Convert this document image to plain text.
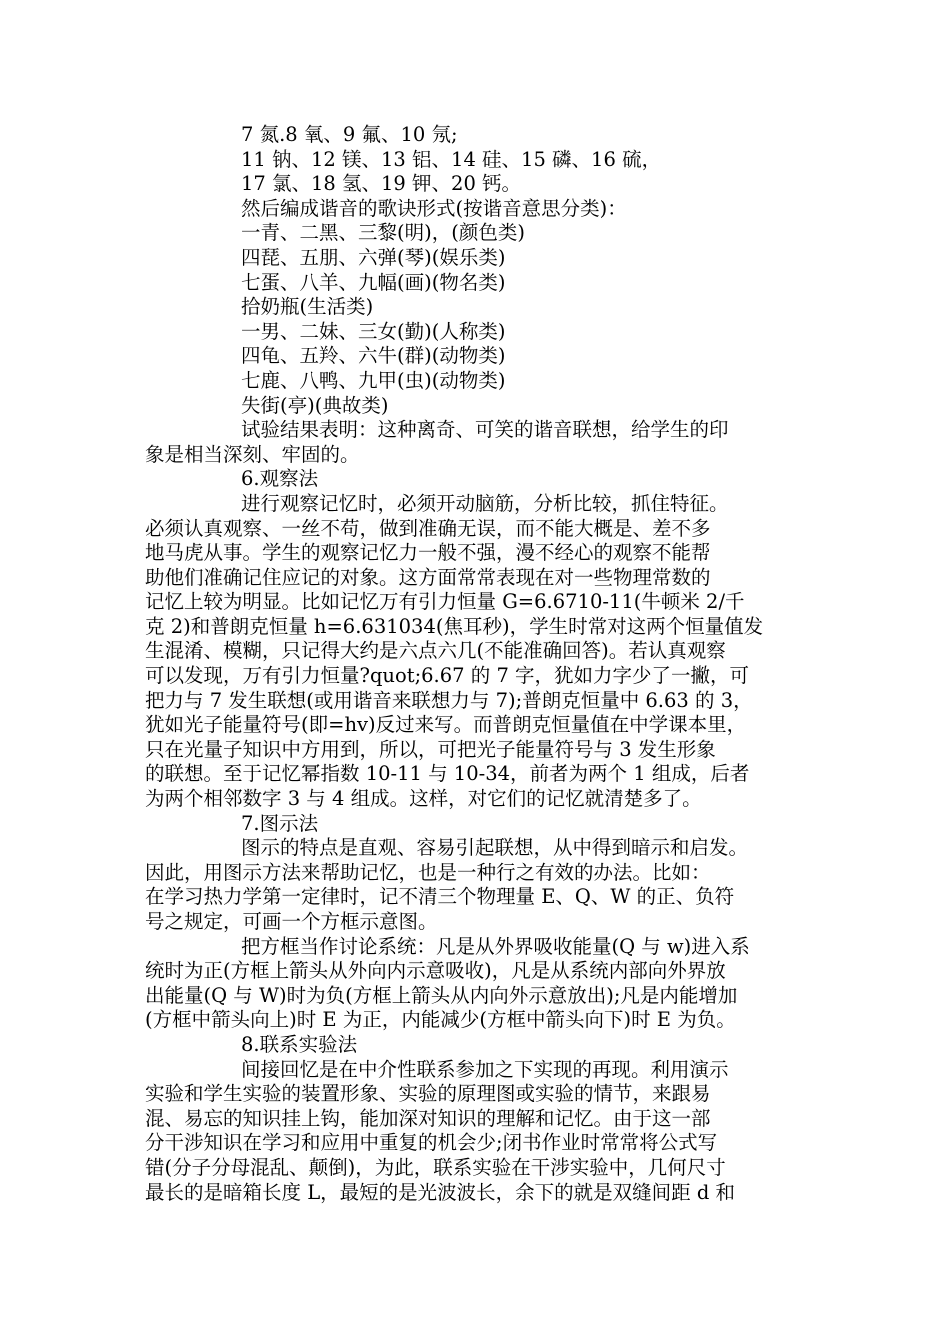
7 氮.8 氧、9 氟、10 氖;
11 钠、12 镁、13 铝、14 硅、15 磷、16 硫，
17 氯、18 氢、19 钾、20 钙。
然后编成谐音的歌诀形式(按谐音意思分类)：
一青、二黑、三黎(明)，(颜色类)
四琵、五朋、六弹(琴)(娱乐类)
七蛋、八羊、九幅(画)(物名类)
拾奶瓶(生活类)
一男、二妹、三女(勤)(人称类)
四龟、五羚、六牛(群)(动物类)
七鹿、八鸭、九甲(虫)(动物类)
失街(亭)(典故类)
试验结果表明：这种离奇、可笑的谐音联想，给学生的印
象是相当深刻、牢固的。
6.观察法
进行观察记忆时，必须开动脑筋，分析比较，抓住特征。
必须认真观察、一丝不苟，做到准确无误，而不能大概是、差不多
地马虎从事。学生的观察记忆力一般不强，漫不经心的观察不能帮
助他们准确记住应记的对象。这方面常常表现在对一些物理常数的
记忆上较为明显。比如记忆万有引力恒量 G=6.6710-11(牛顿米 2/千
克 2)和普朗克恒量 h=6.631034(焦耳秒)，学生时常对这两个恒量值发
生混淆、模糊，只记得大约是六点六几(不能准确回答)。若认真观察
可以发现，万有引力恒量?quot;6.67 的 7 字，犹如力字少了一撇，可
把力与 7 发生联想(或用谐音来联想力与 7);普朗克恒量中 6.63 的 3，
犹如光子能量符号(即=hv)反过来写。而普朗克恒量值在中学课本里，
只在光量子知识中方用到，所以，可把光子能量符号与 3 发生形象
的联想。至于记忆幂指数 10-11 与 10-34，前者为两个 1 组成，后者
为两个相邻数字 3 与 4 组成。这样，对它们的记忆就清楚多了。
7.图示法
图示的特点是直观、容易引起联想，从中得到暗示和启发。
因此，用图示方法来帮助记忆，也是一种行之有效的办法。比如：
在学习热力学第一定律时，记不清三个物理量 E、Q、W 的正、负符
号之规定，可画一个方框示意图。
把方框当作讨论系统：凡是从外界吸收能量(Q 与 w)进入系
统时为正(方框上箭头从外向内示意吸收)，凡是从系统内部向外界放
出能量(Q 与 W)时为负(方框上箭头从内向外示意放出);凡是内能增加
(方框中箭头向上)时 E 为正，内能减少(方框中箭头向下)时 E 为负。
8.联系实验法
间接回忆是在中介性联系参加之下实现的再现。利用演示
实验和学生实验的装置形象、实验的原理图或实验的情节，来跟易
混、易忘的知识挂上钩，能加深对知识的理解和记忆。由于这一部
分干涉知识在学习和应用中重复的机会少;闭书作业时常常将公式写
错(分子分母混乱、颠倒)，为此，联系实验在干涉实验中，几何尺寸
最长的是暗箱长度 L，最短的是光波波长，余下的就是双缝间距 d 和
